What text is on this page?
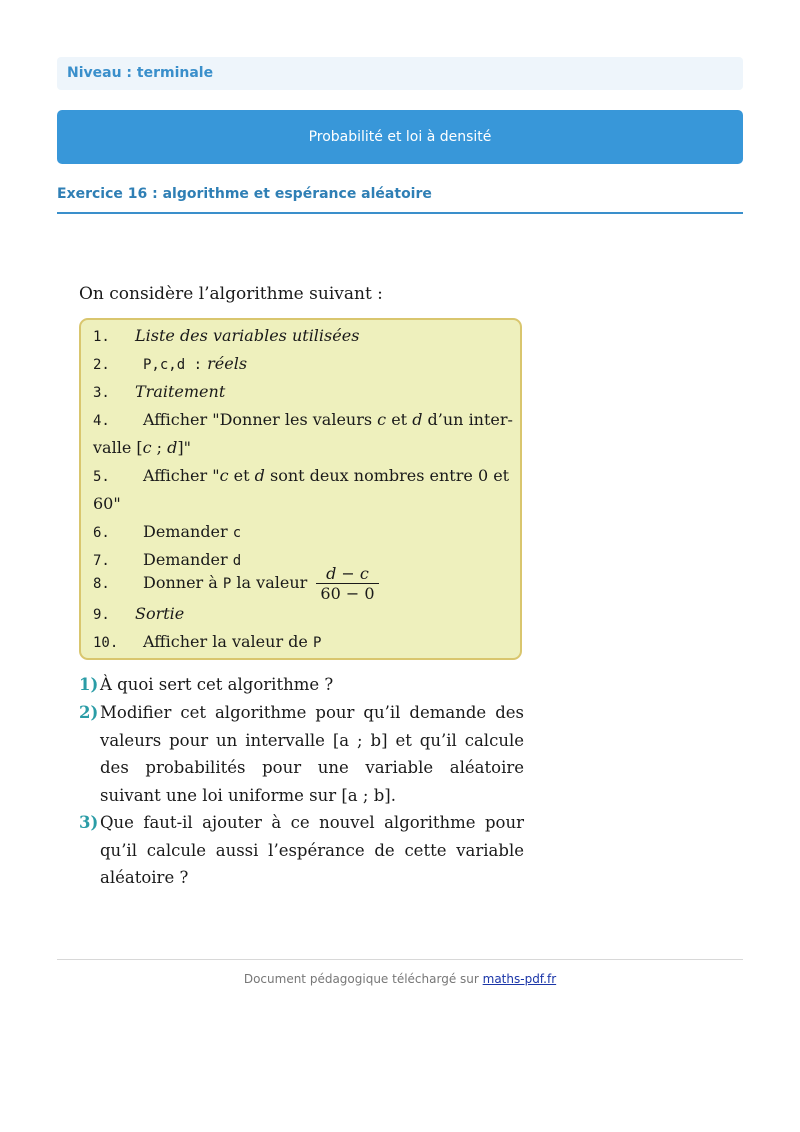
Niveau : terminale
Probabilité et loi à densité
Exercice 16 : algorithme et espérance aléatoire
On considère l’algorithme suivant :
1. Liste des variables utilisées
2. P,c,d : réels
3. Traitement
4. Afficher "Donner les valeurs c et d d’un inter-
valle [c ; d]"
5. Afficher "c et d sont deux nombres entre 0 et
60"
6. Demander c
7. Demander d
8. Donner à P la valeur $\frac{d - c}{60 - 0}$
9. Sortie
10. Afficher la valeur de P
1) À quoi sert cet algorithme ?
2) Modifier cet algorithme pour qu’il demande des valeurs pour un intervalle [a ; b] et qu’il calcule des probabilités pour une variable aléatoire suivant une loi uniforme sur [a ; b].
3) Que faut-il ajouter à ce nouvel algorithme pour qu’il calcule aussi l’espérance de cette variable aléatoire ?
Document pédagogique téléchargé sur maths-pdf.fr
